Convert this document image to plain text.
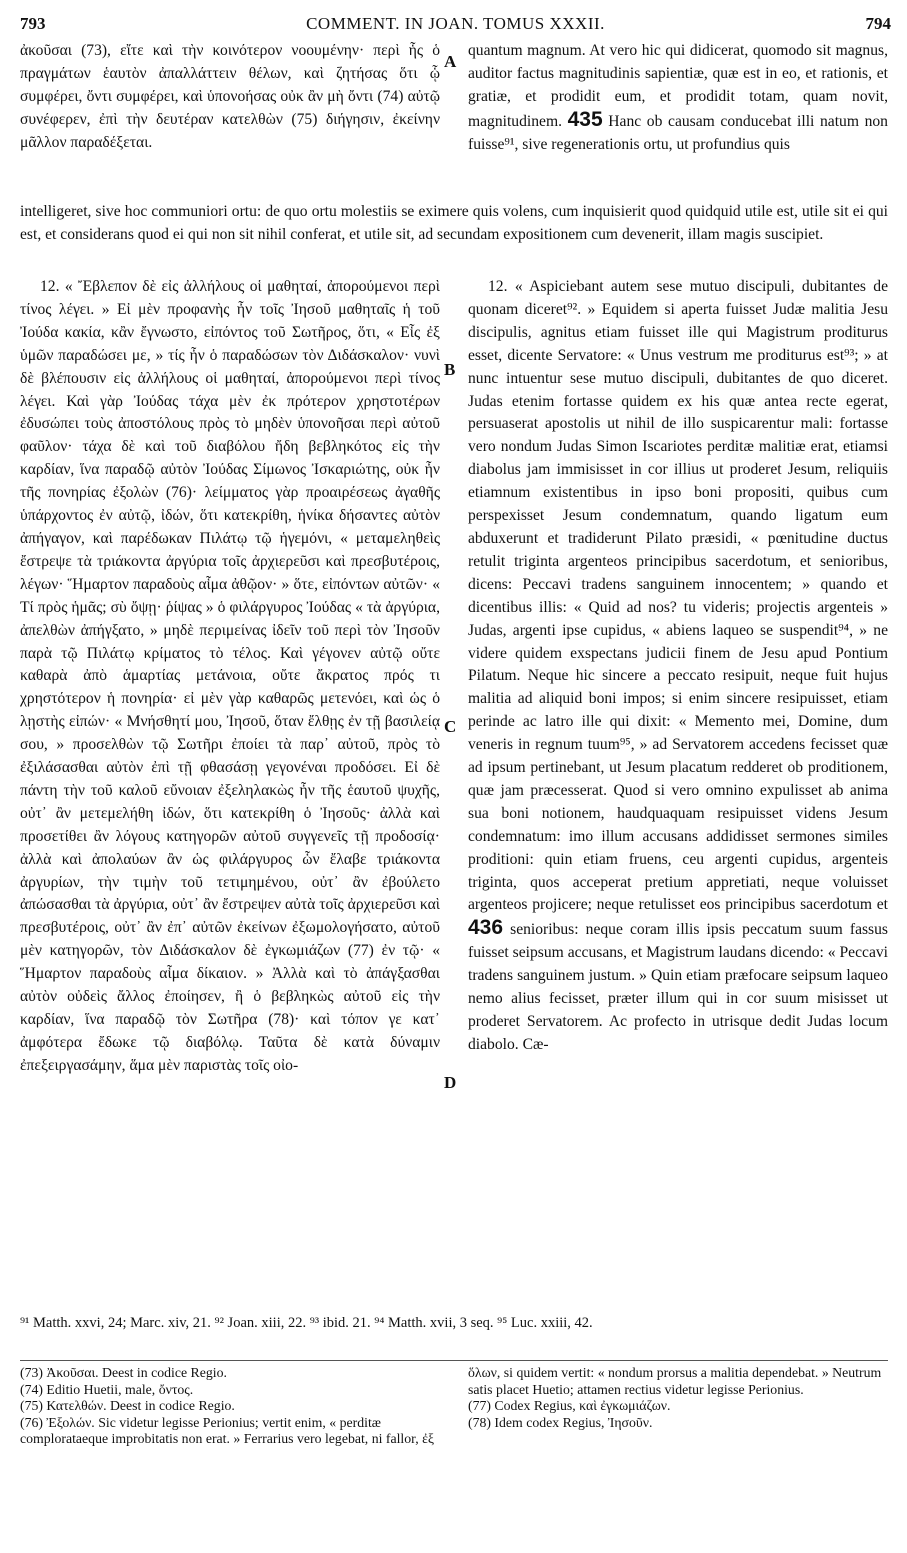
793	COMMENT. IN JOAN. TOMUS XXXII.	794

ἀκοῦσαι (73), εἴτε καὶ τὴν κοινότερον νοουμένην· περὶ ἧς ὁ πραγμάτων ἑαυτὸν ἀπαλλάττειν θέλων, καὶ ζητήσας ὅτι ᾧ συμφέρει, ὄντι συμφέρει, καὶ ὑπονοήσας οὐκ ἂν μὴ ὄντι (74) αὐτῷ συνέφερεν, ἐπὶ τὴν δευτέραν κατελθὼν (75) διήγησιν, ἐκείνην μᾶλλον παραδέξεται.

quantum magnum. At vero hic qui didicerat, quomodo sit magnus, auditor factus magnitudinis sapientiæ, quæ est in eo, et rationis, et gratiæ, et prodidit eum, et prodidit totam, quam novit, magnitudinem. 435 Hanc ob causam conducebat illi natum non fuisse⁹¹, sive regenerationis ortu, ut profundius quis

intelligeret, sive hoc communiori ortu: de quo ortu molestiis se eximere quis volens, cum inquisierit quod quidquid utile est, utile sit ei qui est, et considerans quod ei qui non sit nihil conferat, et utile sit, ad secundam expositionem cum devenerit, illam magis suscipiet.
A
B
C
D

12. « Ἔβλεπον δὲ εἰς ἀλλήλους οἱ μαθηταί, ἀπορούμενοι περὶ τίνος λέγει. » Εἰ μὲν προφανὴς ἦν τοῖς Ἰησοῦ μαθηταῖς ἡ τοῦ Ἰούδα κακία, κἂν ἔγνωστο, εἰπόντος τοῦ Σωτῆρος, ὅτι, « Εἷς ἐξ ὑμῶν παραδώσει με, » τίς ἦν ὁ παραδώσων τὸν Διδάσκαλον· νυνὶ δὲ βλέπουσιν εἰς ἀλλήλους οἱ μαθηταί, ἀπορούμενοι περὶ τίνος λέγει. Καὶ γὰρ Ἰούδας τάχα μὲν ἐκ πρότερον χρηστοτέρων ἐδυσώπει τοὺς ἀποστόλους πρὸς τὸ μηδὲν ὑπονοῆσαι περὶ αὐτοῦ φαῦλον· τάχα δὲ καὶ τοῦ διαβόλου ἤδη βεβληκότος εἰς τὴν καρδίαν, ἵνα παραδῷ αὐτὸν Ἰούδας Σίμωνος Ἰσκαριώτης, οὐκ ἦν τῆς πονηρίας ἐξολὼν (76)· λείμματος γὰρ προαιρέσεως ἀγαθῆς ὑπάρχοντος ἐν αὐτῷ, ἰδών, ὅτι κατεκρίθη, ἡνίκα δήσαντες αὐτὸν ἀπήγαγον, καὶ παρέδωκαν Πιλάτῳ τῷ ἡγεμόνι, « μεταμεληθεὶς ἔστρεψε τὰ τριάκοντα ἀργύρια τοῖς ἀρχιερεῦσι καὶ πρεσβυτέροις, λέγων· Ἥμαρτον παραδοὺς αἷμα ἀθῷον· » ὅτε, εἰπόντων αὐτῶν· « Τί πρὸς ἡμᾶς; σὺ ὄψῃ· ῥίψας » ὁ φιλάργυρος Ἰούδας « τὰ ἀργύρια, ἀπελθὼν ἀπήγξατο, » μηδὲ περιμείνας ἰδεῖν τοῦ περὶ τὸν Ἰησοῦν παρὰ τῷ Πιλάτῳ κρίματος τὸ τέλος. Καὶ γέγονεν αὐτῷ οὔτε καθαρὰ ἀπὸ ἁμαρτίας μετάνοια, οὔτε ἄκρατος πρός τι χρηστότερον ἡ πονηρία· εἰ μὲν γὰρ καθαρῶς μετενόει, καὶ ὡς ὁ λῃστὴς εἰπών· « Μνήσθητί μου, Ἰησοῦ, ὅταν ἔλθῃς ἐν τῇ βασιλείᾳ σου, » προσελθὼν τῷ Σωτῆρι ἐποίει τὰ παρ᾽ αὐτοῦ, πρὸς τὸ ἐξιλάσασθαι αὐτὸν ἐπὶ τῇ φθασάσῃ γεγονέναι προδόσει. Εἰ δὲ πάντη τὴν τοῦ καλοῦ εὔνοιαν ἐξεληλακὼς ἦν τῆς ἑαυτοῦ ψυχῆς, οὐτ᾽ ἂν μετεμελήθη ἰδών, ὅτι κατεκρίθη ὁ Ἰησοῦς· ἀλλὰ καὶ προσετίθει ἂν λόγους κατηγορῶν αὐτοῦ συγγενεῖς τῇ προδοσίᾳ· ἀλλὰ καὶ ἀπολαύων ἂν ὡς φιλάργυρος ὧν ἔλαβε τριάκοντα ἀργυρίων, τὴν τιμὴν τοῦ τετιμημένου, οὐτ᾽ ἂν ἐβούλετο ἀπώσασθαι τὰ ἀργύρια, οὐτ᾽ ἂν ἔστρεψεν αὐτὰ τοῖς ἀρχιερεῦσι καὶ πρεσβυτέροις, οὐτ᾽ ἂν ἐπ᾽ αὐτῶν ἐκείνων ἐξωμολογήσατο, αὐτοῦ μὲν κατηγορῶν, τὸν Διδάσκαλον δὲ ἐγκωμιάζων (77) ἐν τῷ· « Ἥμαρτον παραδοὺς αἷμα δίκαιον. » Ἀλλὰ καὶ τὸ ἀπάγξασθαι αὐτὸν οὐδεὶς ἄλλος ἐποίησεν, ἢ ὁ βεβληκὼς αὐτοῦ εἰς τὴν καρδίαν, ἵνα παραδῷ τὸν Σωτῆρα (78)· καὶ τόπον γε κατ᾽ ἀμφότερα ἔδωκε τῷ διαβόλῳ. Ταῦτα δὲ κατὰ δύναμιν ἐπεξειργασάμην, ἅμα μὲν παριστὰς τοῖς οἰο-

12. « Aspiciebant autem sese mutuo discipuli, dubitantes de quonam diceret⁹². » Equidem si aperta fuisset Judæ malitia Jesu discipulis, agnitus etiam fuisset ille qui Magistrum proditurus esset, dicente Servatore: « Unus vestrum me proditurus est⁹³; » at nunc intuentur sese mutuo discipuli, dubitantes de quo diceret. Judas etenim fortasse quidem ex his quæ antea recte egerat, persuaserat apostolis ut nihil de illo suspicarentur mali: fortasse vero nondum Judas Simon Iscariotes perditæ malitiæ erat, etiamsi diabolus jam immisisset in cor illius ut proderet Jesum, reliquiis etiamnum existentibus in ipso boni propositi, quibus cum perspexisset Jesum condemnatum, quando ligatum eum abduxerunt et tradiderunt Pilato præsidi, « pœnitudine ductus retulit triginta argenteos principibus sacerdotum, et senioribus, dicens: Peccavi tradens sanguinem innocentem; » quando et dicentibus illis: « Quid ad nos? tu videris; projectis argenteis » Judas, argenti ipse cupidus, « abiens laqueo se suspendit⁹⁴, » ne videre quidem exspectans judicii finem de Jesu apud Pontium Pilatum. Neque hic sincere a peccato resipuit, neque fuit hujus malitia ad aliquid boni impos; si enim sincere resipuisset, etiam perinde ac latro ille qui dixit: « Memento mei, Domine, dum veneris in regnum tuum⁹⁵, » ad Servatorem accedens fecisset quæ ad ipsum pertinebant, ut Jesum placatum redderet ob proditionem, quæ jam præcesserat. Quod si vero omnino expulisset ab anima sua boni notionem, haudquaquam resipuisset videns Jesum condemnatum: imo illum accusans addidisset sermones similes proditioni: quin etiam fruens, ceu argenti cupidus, argenteis triginta, quos acceperat pretium appretiati, neque voluisset argenteos projicere; neque retulisset eos principibus sacerdotum et 436 senioribus: neque coram illis ipsis peccatum suum fassus fuisset seipsum accusans, et Magistrum laudans dicendo: « Peccavi tradens sanguinem justum. » Quin etiam præfocare seipsum laqueo nemo alius fecisset, præter illum qui in cor suum misisset ut proderet Servatorem. Ac profecto in utrisque dedit Judas locum diabolo. Cæ-

⁹¹ Matth. xxvi, 24; Marc. xiv, 21. ⁹² Joan. xiii, 22. ⁹³ ibid. 21. ⁹⁴ Matth. xvii, 3 seq. ⁹⁵ Luc. xxiii, 42.

(73) Ἀκοῦσαι. Deest in codice Regio.

(74) Editio Huetii, male, ὄντος.

(75) Κατελθών. Deest in codice Regio.

(76) Ἐξολών. Sic videtur legisse Perionius; vertit enim, « perditæ complorataeque improbitatis non erat. » Ferrarius vero legebat, ni fallor, ἐξ

ὅλων, si quidem vertit: « nondum prorsus a malitia dependebat. » Neutrum satis placet Huetio; attamen rectius videtur legisse Perionius.

(77) Codex Regius, καὶ ἐγκωμιάζων.

(78) Idem codex Regius, Ἰησοῦν.
